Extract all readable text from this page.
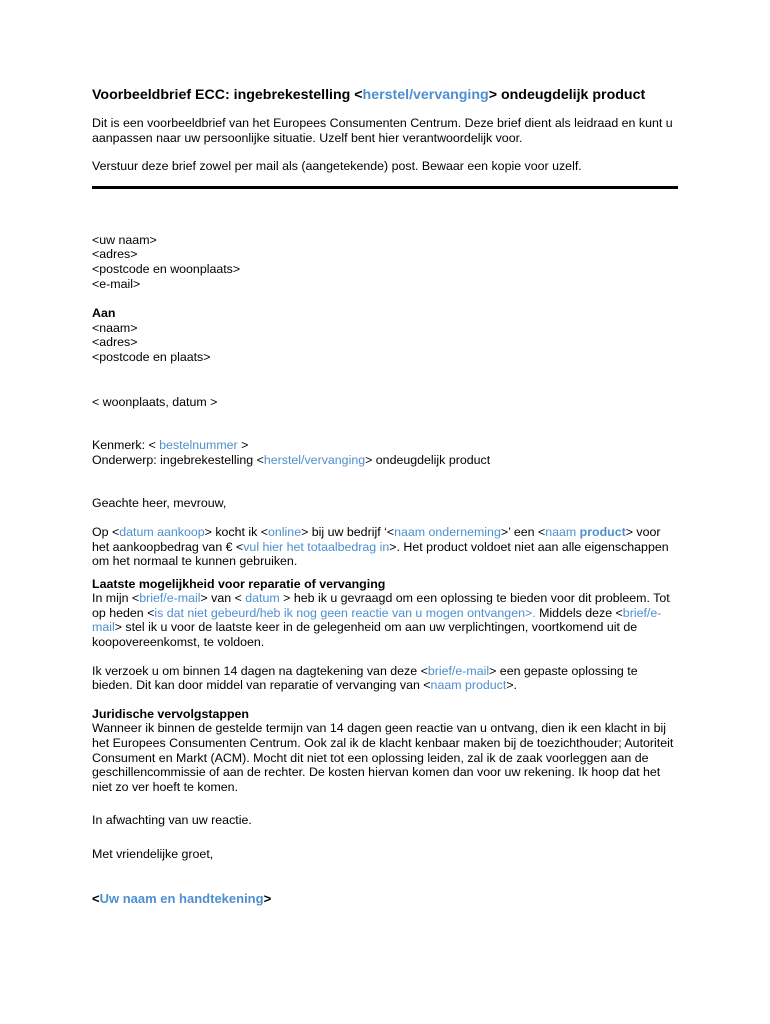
Voorbeeldbrief ECC: ingebrekestelling <herstel/vervanging> ondeugdelijk product

Dit is een voorbeeldbrief van het Europees Consumenten Centrum. Deze brief dient als leidraad en kunt u aanpassen naar uw persoonlijke situatie. Uzelf bent hier verantwoordelijk voor.

Verstuur deze brief zowel per mail als (aangetekende) post. Bewaar een kopie voor uzelf.

<uw naam>
<adres>
<postcode en woonplaats>
<e-mail>
Aan
<naam>
<adres>
<postcode en plaats>
< woonplaats, datum >
Kenmerk: < bestelnummer >
Onderwerp: ingebrekestelling <herstel/vervanging> ondeugdelijk product
Geachte heer, mevrouw,

Op <datum aankoop> kocht ik <online> bij uw bedrijf ‘<naam onderneming>’ een <naam product> voor het aankoopbedrag van € <vul hier het totaalbedrag in>. Het product voldoet niet aan alle eigenschappen om het normaal te kunnen gebruiken.

Laatste mogelijkheid voor reparatie of vervanging

In mijn <brief/e-mail> van < datum > heb ik u gevraagd om een oplossing te bieden voor dit probleem. Tot op heden <is dat niet gebeurd/heb ik nog geen reactie van u mogen ontvangen>. Middels deze <brief/e-mail> stel ik u voor de laatste keer in de gelegenheid om aan uw verplichtingen, voortkomend uit de koopovereenkomst, te voldoen.

Ik verzoek u om binnen 14 dagen na dagtekening van deze <brief/e-mail> een gepaste oplossing te bieden. Dit kan door middel van reparatie of vervanging van <naam product>.

Juridische vervolgstappen

Wanneer ik binnen de gestelde termijn van 14 dagen geen reactie van u ontvang, dien ik een klacht in bij het Europees Consumenten Centrum. Ook zal ik de klacht kenbaar maken bij de toezichthouder; Autoriteit Consument en Markt (ACM). Mocht dit niet tot een oplossing leiden, zal ik de zaak voorleggen aan de geschillencommissie of aan de rechter. De kosten hiervan komen dan voor uw rekening. Ik hoop dat het niet zo ver hoeft te komen.

In afwachting van uw reactie.
Met vriendelijke groet,
<Uw naam en handtekening>
